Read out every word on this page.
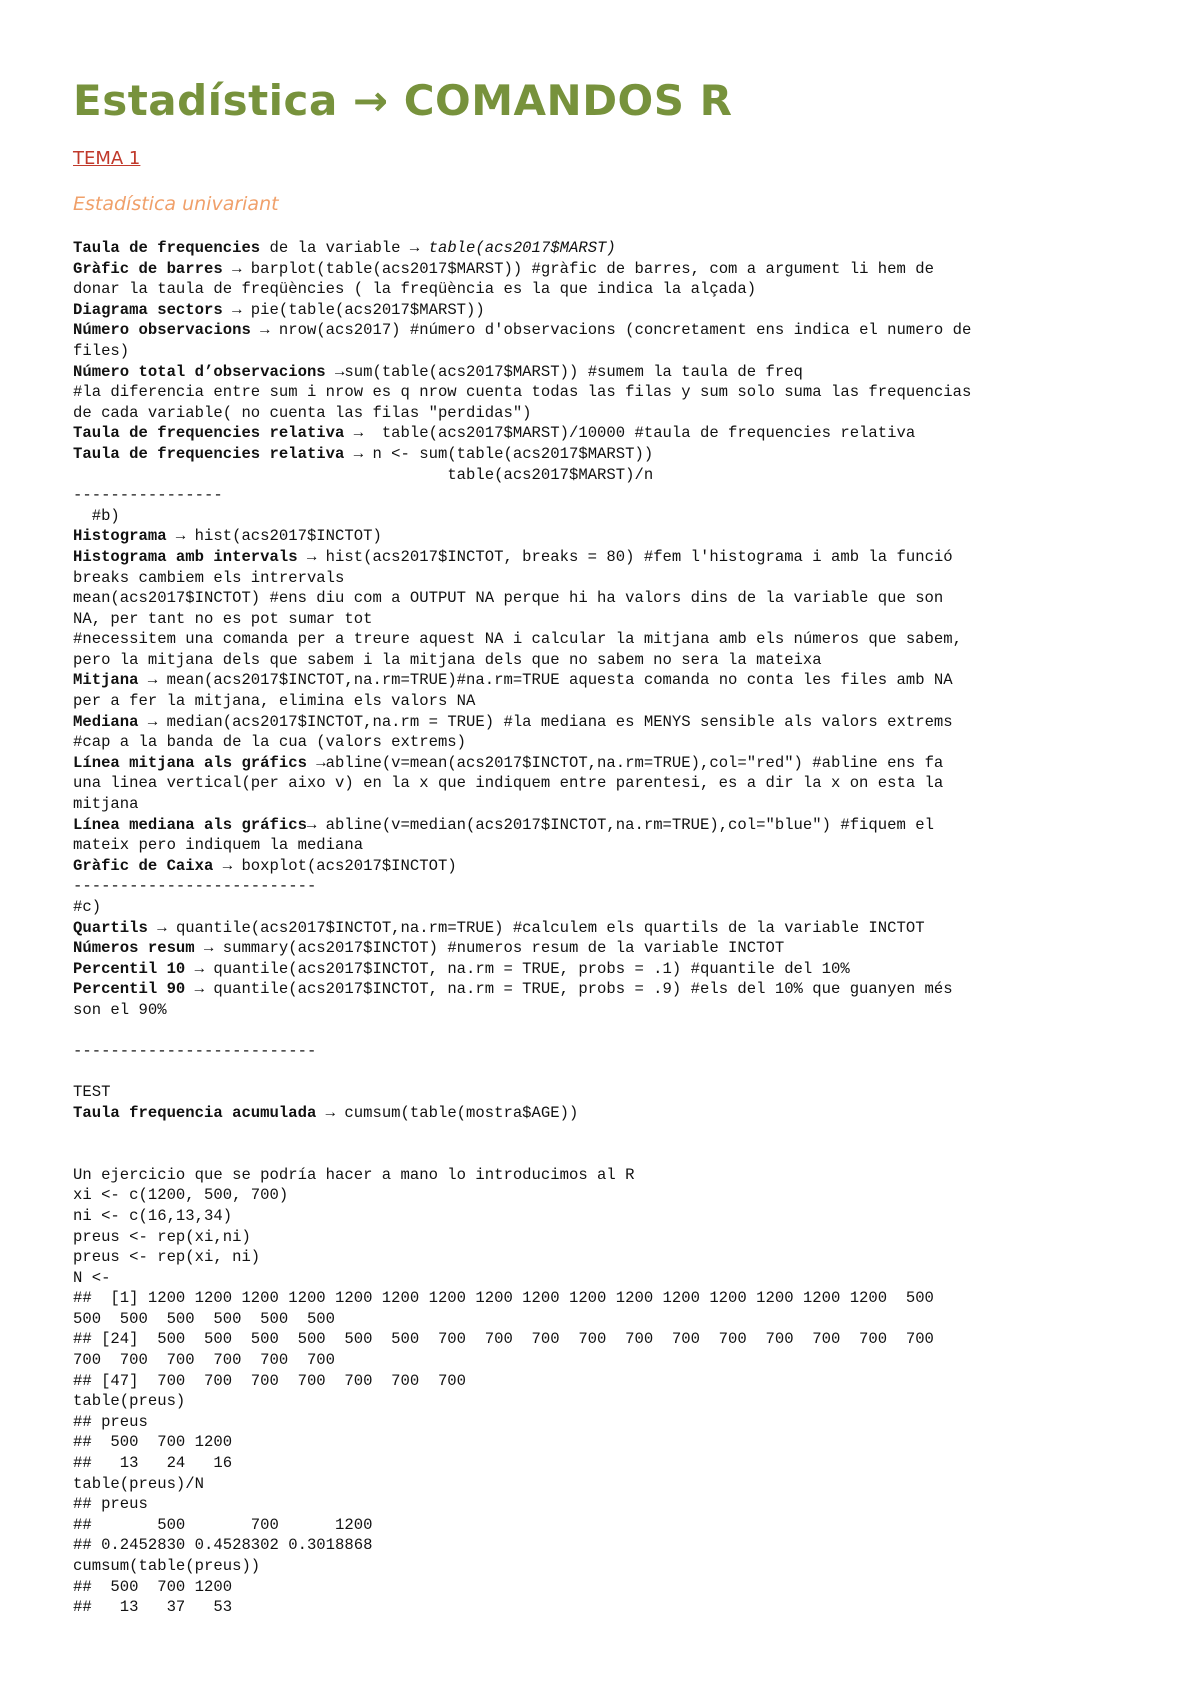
Estadística → COMANDOS R
TEMA 1
Estadística univariant
Taula de frequencies de la variable → table(acs2017$MARST)
Gràfic de barres → barplot(table(acs2017$MARST)) #gràfic de barres, com a argument li hem de
donar la taula de freqüències ( la freqüència es la que indica la alçada)
Diagrama sectors → pie(table(acs2017$MARST))
Número observacions → nrow(acs2017) #número d'observacions (concretament ens indica el numero de
files)
Número total d’observacions →sum(table(acs2017$MARST)) #sumem la taula de freq
#la diferencia entre sum i nrow es q nrow cuenta todas las filas y sum solo suma las frequencias
de cada variable( no cuenta las filas "perdidas")
Taula de frequencies relativa →  table(acs2017$MARST)/10000 #taula de frequencies relativa
Taula de frequencies relativa → n <- sum(table(acs2017$MARST))
table(acs2017$MARST)/n
----------------
#b)
Histograma → hist(acs2017$INCTOT)
Histograma amb intervals → hist(acs2017$INCTOT, breaks = 80) #fem l'histograma i amb la funció
breaks cambiem els intrervals
mean(acs2017$INCTOT) #ens diu com a OUTPUT NA perque hi ha valors dins de la variable que son
NA, per tant no es pot sumar tot
#necessitem una comanda per a treure aquest NA i calcular la mitjana amb els números que sabem,
pero la mitjana dels que sabem i la mitjana dels que no sabem no sera la mateixa
Mitjana → mean(acs2017$INCTOT,na.rm=TRUE)#na.rm=TRUE aquesta comanda no conta les files amb NA
per a fer la mitjana, elimina els valors NA
Mediana → median(acs2017$INCTOT,na.rm = TRUE) #la mediana es MENYS sensible als valors extrems
#cap a la banda de la cua (valors extrems)
Línea mitjana als gráfics →abline(v=mean(acs2017$INCTOT,na.rm=TRUE),col="red") #abline ens fa
una linea vertical(per aixo v) en la x que indiquem entre parentesi, es a dir la x on esta la
mitjana
Línea mediana als gráfics→ abline(v=median(acs2017$INCTOT,na.rm=TRUE),col="blue") #fiquem el
mateix pero indiquem la mediana
Gràfic de Caixa → boxplot(acs2017$INCTOT)
--------------------------
#c)
Quartils → quantile(acs2017$INCTOT,na.rm=TRUE) #calculem els quartils de la variable INCTOT
Números resum → summary(acs2017$INCTOT) #numeros resum de la variable INCTOT
Percentil 10 → quantile(acs2017$INCTOT, na.rm = TRUE, probs = .1) #quantile del 10%
Percentil 90 → quantile(acs2017$INCTOT, na.rm = TRUE, probs = .9) #els del 10% que guanyen més
son el 90%
--------------------------
TEST
Taula frequencia acumulada → cumsum(table(mostra$AGE))
Un ejercicio que se podría hacer a mano lo introducimos al R
xi <- c(1200, 500, 700)
ni <- c(16,13,34)
preus <- rep(xi,ni)
preus <- rep(xi, ni)
N <-
##  [1] 1200 1200 1200 1200 1200 1200 1200 1200 1200 1200 1200 1200 1200 1200 1200 1200  500
500  500  500  500  500  500
## [24]  500  500  500  500  500  500  700  700  700  700  700  700  700  700  700  700  700
700  700  700  700  700  700
## [47]  700  700  700  700  700  700  700
table(preus)
## preus
##  500  700 1200
##   13   24   16
table(preus)/N
## preus
##       500       700      1200
## 0.2452830 0.4528302 0.3018868
cumsum(table(preus))
##  500  700 1200
##   13   37   53
